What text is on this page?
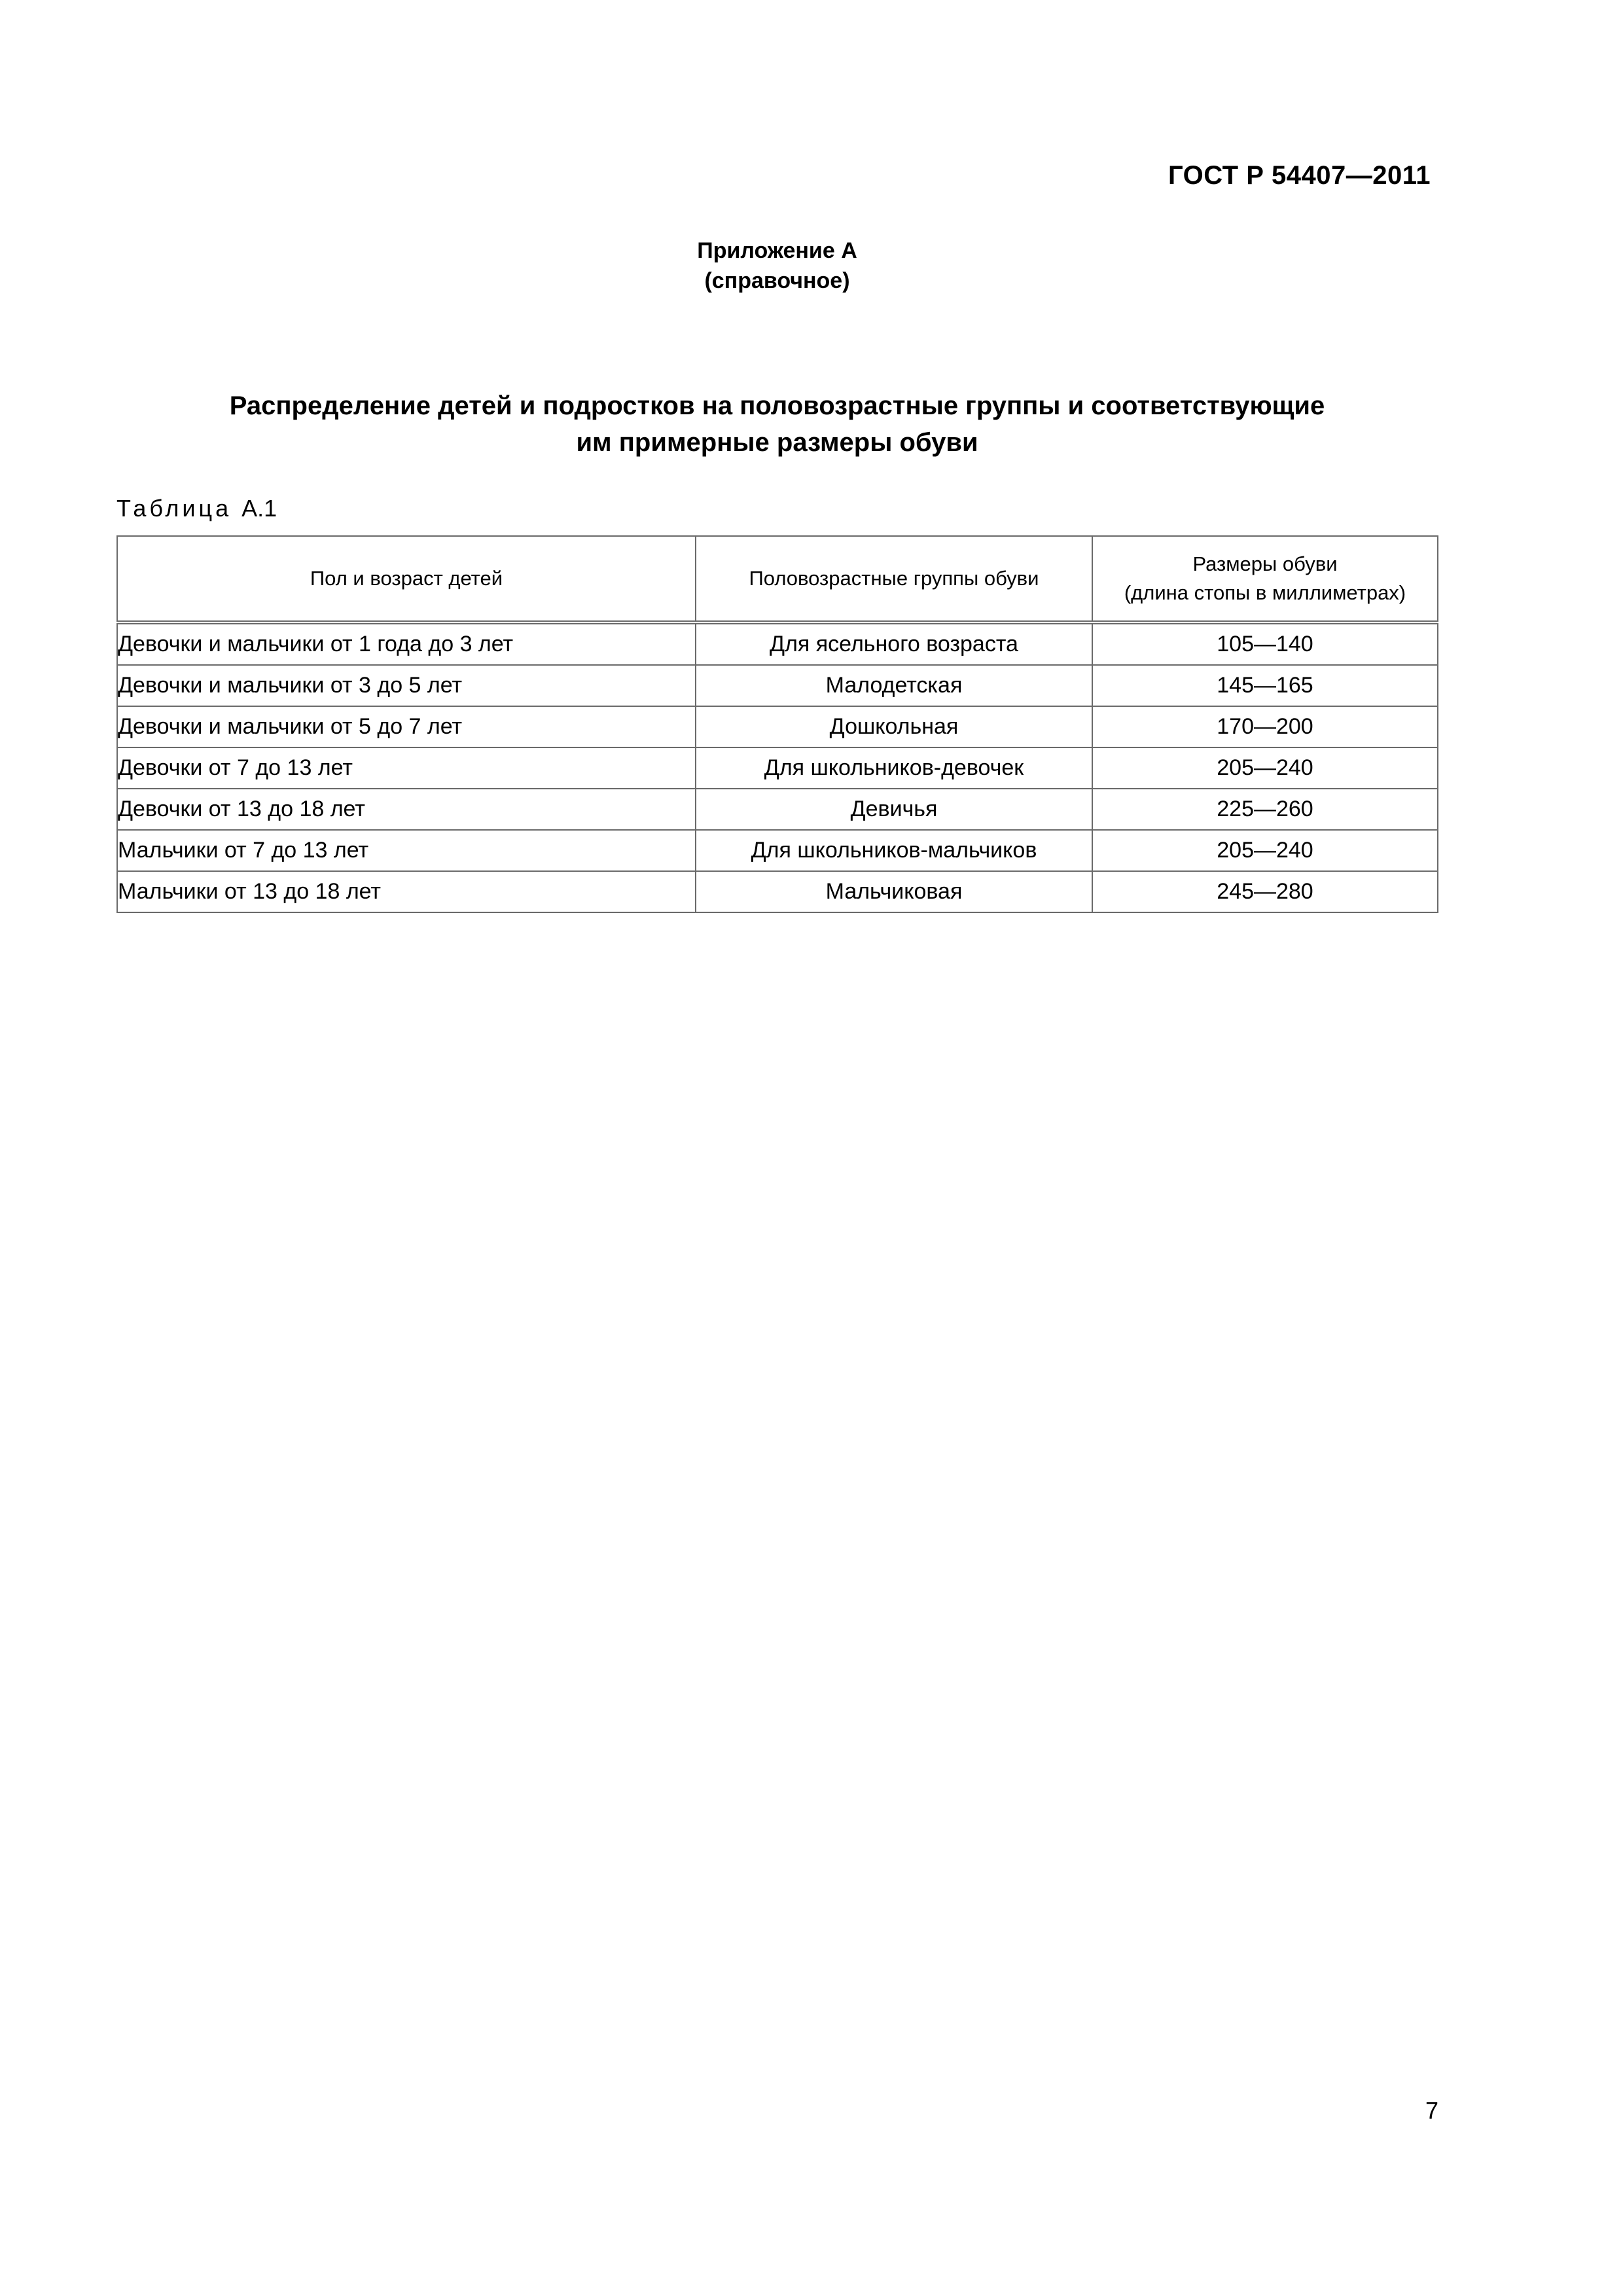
ГОСТ Р 54407—2011
Приложение А
(справочное)
Распределение детей и подростков на половозрастные группы и соответствующие
им примерные размеры обуви
Таблица А.1
Пол и возраст детей	Половозрастные группы обуви	Размеры обуви
(длина стопы в миллиметрах)

Девочки и мальчики от 1 года до 3 лет	Для ясельного возраста	105—140
Девочки и мальчики от 3 до 5 лет	Малодетская	145—165
Девочки и мальчики от 5 до 7 лет	Дошкольная	170—200
Девочки от 7 до 13 лет	Для школьников-девочек	205—240
Девочки от 13 до 18 лет	Девичья	225—260
Мальчики от 7 до 13 лет	Для школьников-мальчиков	205—240
Мальчики от 13 до 18 лет	Мальчиковая	245—280
7
